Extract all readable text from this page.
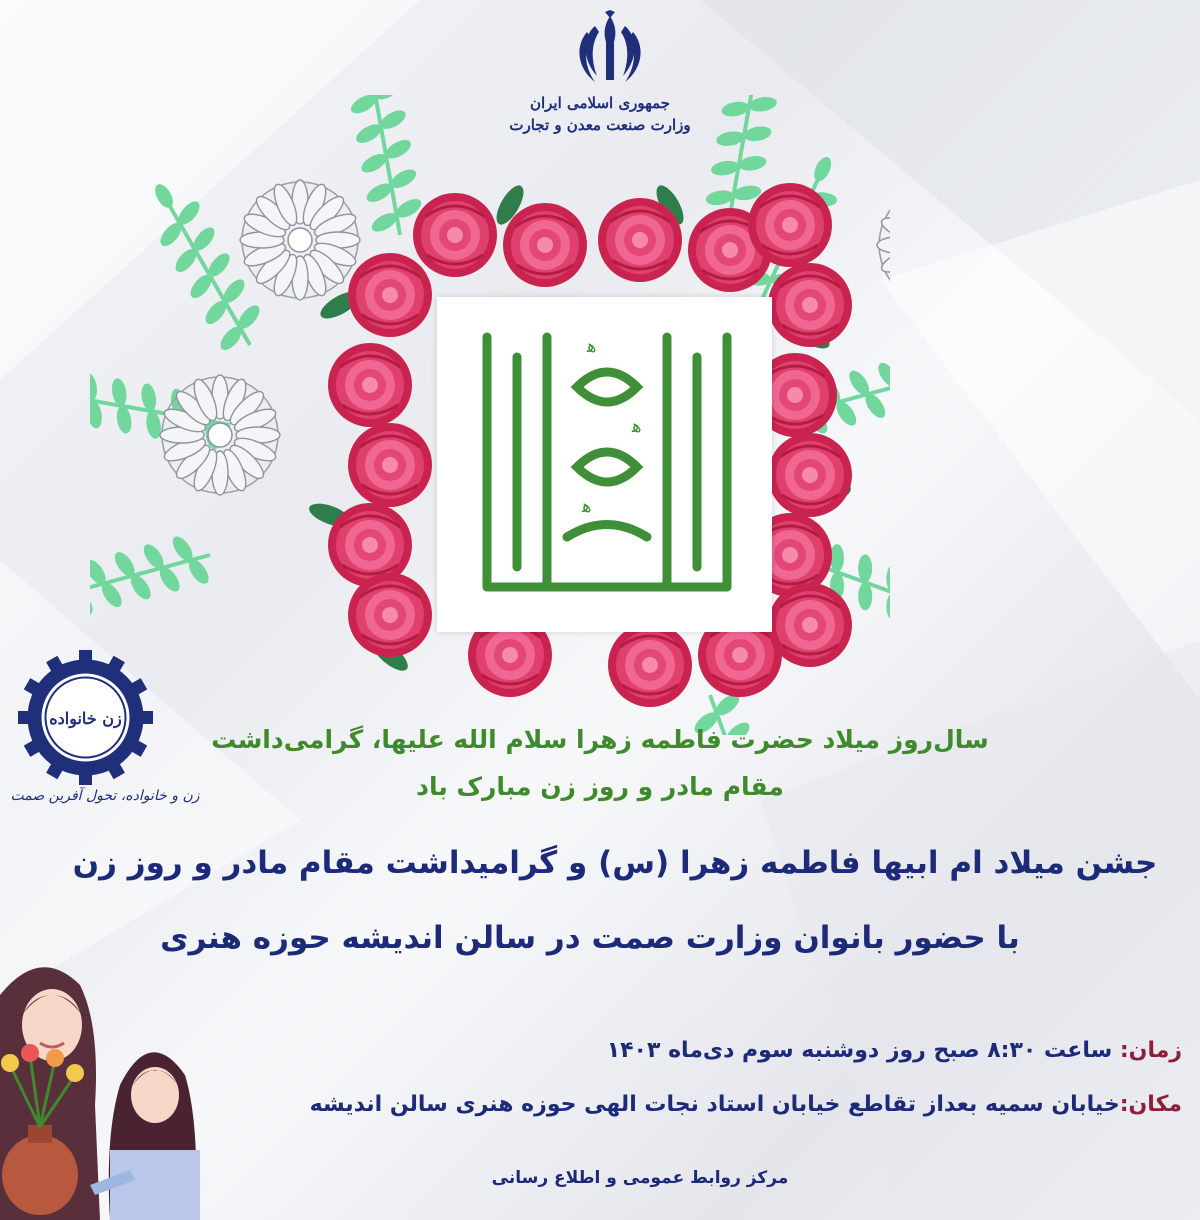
جمهوری اسلامی ایران
وزارت صنعت معدن و تجارت
ﻫ
ﻫ
ﻫ
زن خانواده
زن و خانواده، تحول آفرین صمت
سال‌روز میلاد حضرت فاطمه زهرا سلام الله علیها، گرامی‌داشت
مقام مادر و روز زن مبارک باد
جشن میلاد ام ابیها فاطمه زهرا (س) و گرامیداشت مقام مادر و روز زن
با حضور بانوان وزارت صمت در سالن اندیشه حوزه هنری
زمان: ساعت ۸:۳۰ صبح روز دوشنبه سوم دی‌ماه ۱۴۰۳
مکان:خیابان سمیه بعداز تقاطع خیابان استاد نجات الهی حوزه هنری سالن اندیشه
مرکز روابط عمومی و اطلاع رسانی
